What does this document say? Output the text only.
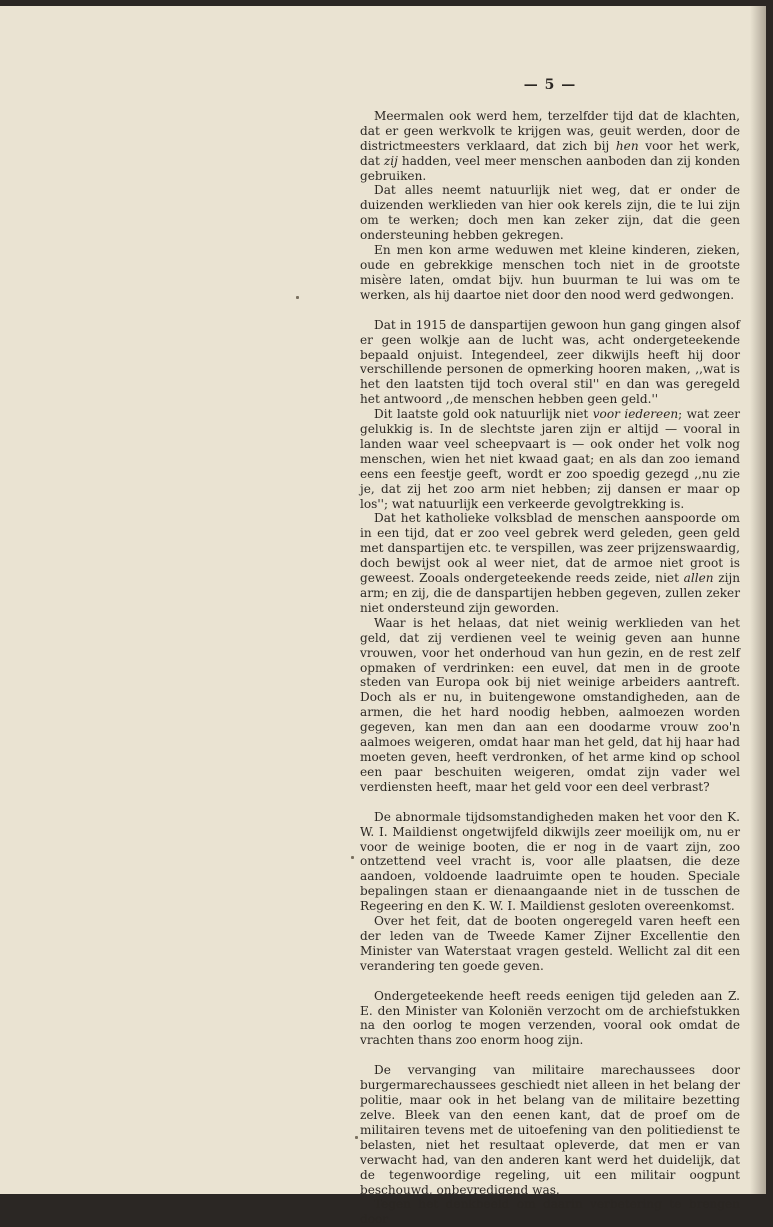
— 5 —

Meermalen ook werd hem, terzelfder tijd dat de klachten, dat er geen werkvolk te krijgen was, geuit werden, door de districtmeesters verklaard, dat zich bij hen voor het werk, dat zij hadden, veel meer menschen aanboden dan zij konden gebruiken.

Dat alles neemt natuurlijk niet weg, dat er onder de duizenden werklieden van hier ook kerels zijn, die te lui zijn om te werken; doch men kan zeker zijn, dat die geen ondersteuning hebben gekregen.

En men kon arme weduwen met kleine kinderen, zieken, oude en gebrekkige menschen toch niet in de grootste misère laten, omdat bijv. hun buurman te lui was om te werken, als hij daartoe niet door den nood werd gedwongen.

Dat in 1915 de danspartijen gewoon hun gang gingen alsof er geen wolkje aan de lucht was, acht ondergeteekende bepaald onjuist. Integendeel, zeer dikwijls heeft hij door verschillende personen de opmerking hooren maken, ,,wat is het den laatsten tijd toch overal stil'' en dan was geregeld het antwoord ,,de menschen hebben geen geld.''

Dit laatste gold ook natuurlijk niet voor iedereen; wat zeer gelukkig is. In de slechtste jaren zijn er altijd — vooral in landen waar veel scheepvaart is — ook onder het volk nog menschen, wien het niet kwaad gaat; en als dan zoo iemand eens een feestje geeft, wordt er zoo spoedig gezegd ,,nu zie je, dat zij het zoo arm niet hebben; zij dansen er maar op los''; wat natuurlijk een verkeerde gevolgtrekking is.

Dat het katholieke volksblad de menschen aanspoorde om in een tijd, dat er zoo veel gebrek werd geleden, geen geld met danspartijen etc. te verspillen, was zeer prijzenswaardig, doch bewijst ook al weer niet, dat de armoe niet groot is geweest. Zooals ondergeteekende reeds zeide, niet allen zijn arm; en zij, die de danspartijen hebben gegeven, zullen zeker niet ondersteund zijn geworden.

Waar is het helaas, dat niet weinig werklieden van het geld, dat zij verdienen veel te weinig geven aan hunne vrouwen, voor het onderhoud van hun gezin, en de rest zelf opmaken of verdrinken: een euvel, dat men in de groote steden van Europa ook bij niet weinige arbeiders aantreft. Doch als er nu, in buitengewone omstandigheden, aan de armen, die het hard noodig hebben, aalmoezen worden gegeven, kan men dan aan een doodarme vrouw zoo'n aalmoes weigeren, omdat haar man het geld, dat hij haar had moeten geven, heeft verdronken, of het arme kind op school een paar beschuiten weigeren, omdat zijn vader wel verdiensten heeft, maar het geld voor een deel verbrast?

De abnormale tijdsomstandigheden maken het voor den K. W. I. Maildienst ongetwijfeld dikwijls zeer moeilijk om, nu er voor de weinige booten, die er nog in de vaart zijn, zoo ontzettend veel vracht is, voor alle plaatsen, die deze aandoen, voldoende laadruimte open te houden. Speciale bepalingen staan er dienaangaande niet in de tusschen de Regeering en den K. W. I. Maildienst gesloten overeenkomst.

Over het feit, dat de booten ongeregeld varen heeft een der leden van de Tweede Kamer Zijner Excellentie den Minister van Waterstaat vragen gesteld. Wellicht zal dit een verandering ten goede geven.

Ondergeteekende heeft reeds eenigen tijd geleden aan Z. E. den Minister van Koloniën verzocht om de archiefstukken na den oorlog te mogen verzenden, vooral ook omdat de vrachten thans zoo enorm hoog zijn.

De vervanging van militaire marechaussees door burgermarechaussees geschiedt niet alleen in het belang der politie, maar ook in het belang van de militaire bezetting zelve. Bleek van den eenen kant, dat de proef om de militairen tevens met de uitoefening van den politiedienst te belasten, niet het resultaat opleverde, dat men er van verwacht had, van den anderen kant werd het duidelijk, dat de tegenwoordige regeling, uit een militair oogpunt beschouwd, onbevredigend was.

Tegen het denkbeeld om daarin verbetering te brengen door
